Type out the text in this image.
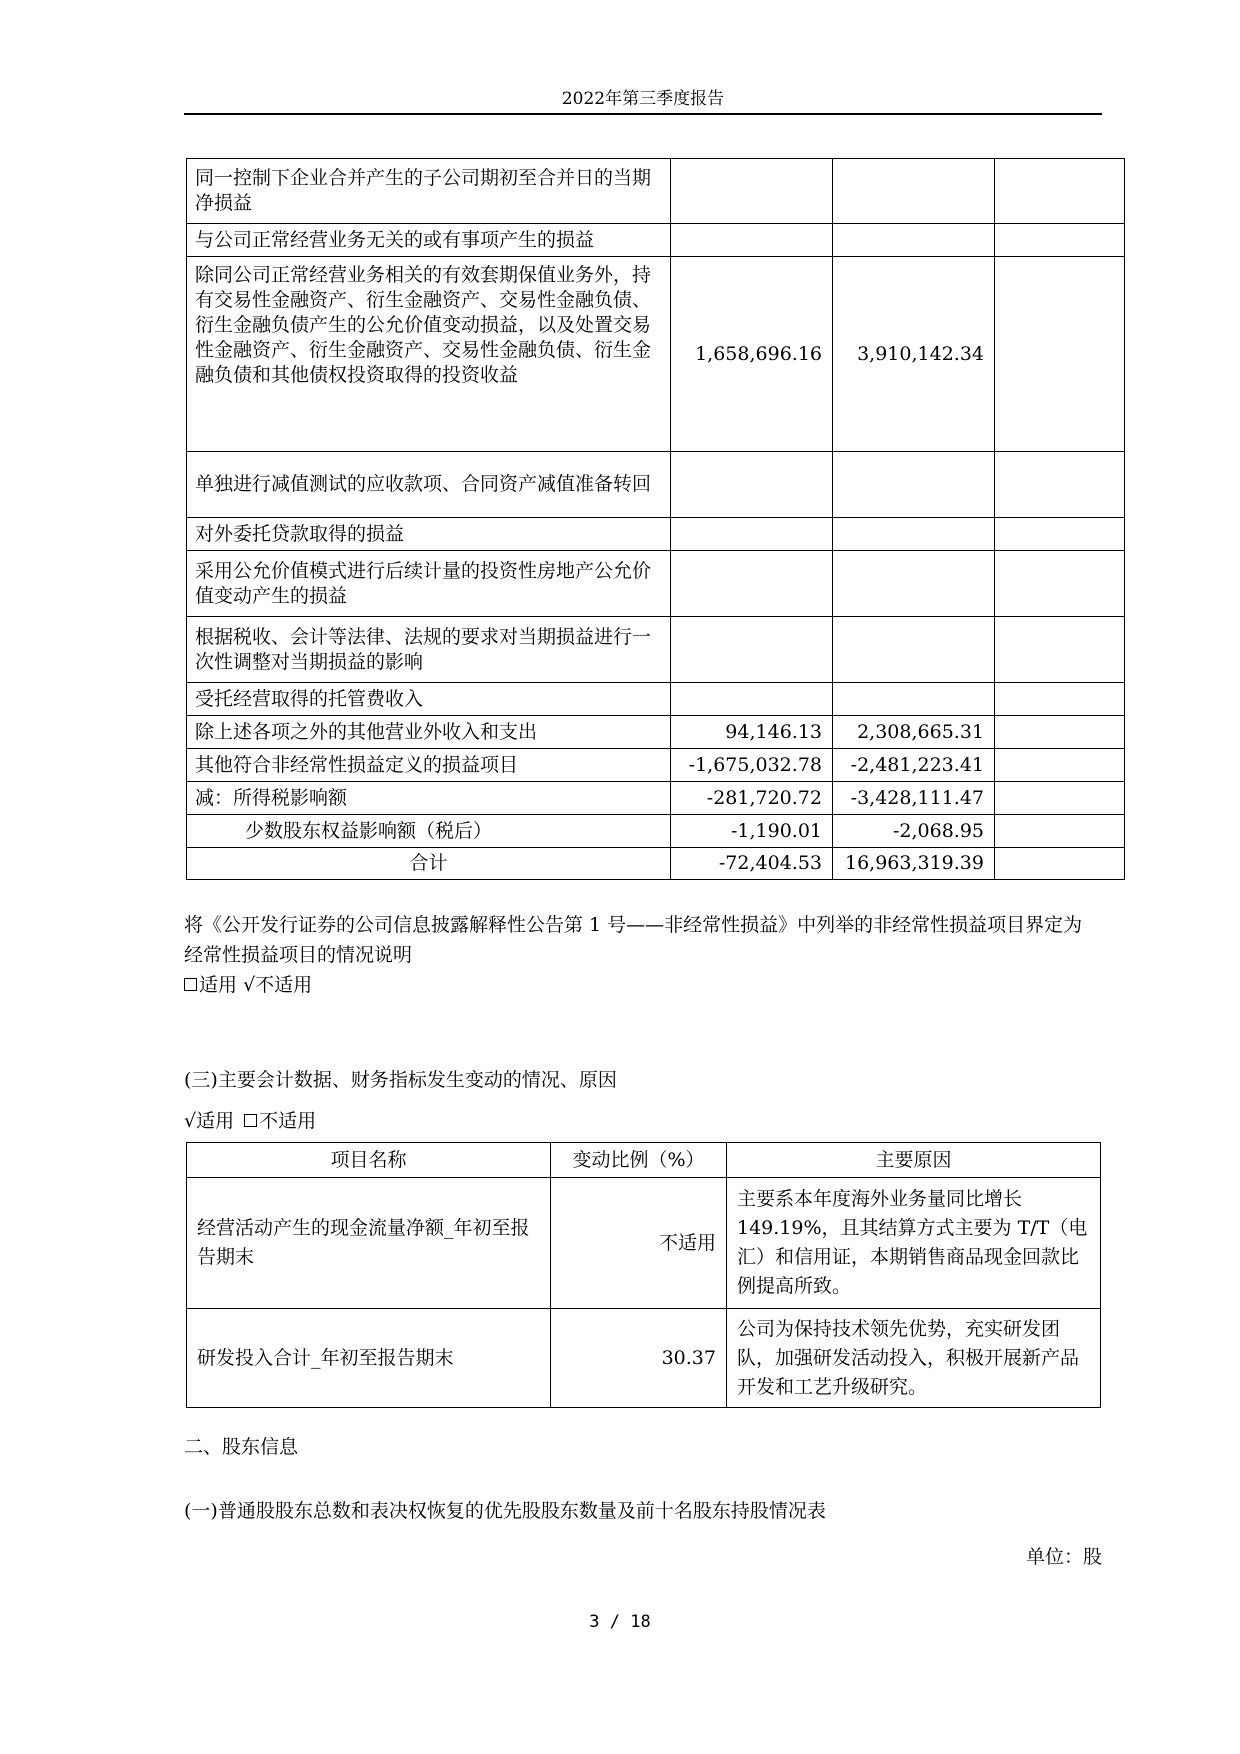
2022年第三季度报告
同一控制下企业合并产生的子公司期初至合并日的当期净损益			
与公司正常经营业务无关的或有事项产生的损益			
除同公司正常经营业务相关的有效套期保值业务外，持有交易性金融资产、衍生金融资产、交易性金融负债、衍生金融负债产生的公允价值变动损益，以及处置交易性金融资产、衍生金融资产、交易性金融负债、衍生金融负债和其他债权投资取得的投资收益	1,658,696.16	3,910,142.34	
单独进行减值测试的应收款项、合同资产减值准备转回			
对外委托贷款取得的损益			
采用公允价值模式进行后续计量的投资性房地产公允价值变动产生的损益			
根据税收、会计等法律、法规的要求对当期损益进行一次性调整对当期损益的影响			
受托经营取得的托管费收入			
除上述各项之外的其他营业外收入和支出	94,146.13	2,308,665.31	
其他符合非经常性损益定义的损益项目	-1,675,032.78	-2,481,223.41	
减：所得税影响额	-281,720.72	-3,428,111.47	
少数股东权益影响额（税后）	-1,190.01	-2,068.95	
合计	-72,404.53	16,963,319.39	
将《公开发行证券的公司信息披露解释性公告第 1 号——非经常性损益》中列举的非经常性损益项目界定为经常性损益项目的情况说明
适用 √不适用
(三)主要会计数据、财务指标发生变动的情况、原因
√适用 不适用
项目名称	变动比例（%）	主要原因
经营活动产生的现金流量净额_年初至报告期末	不适用	主要系本年度海外业务量同比增长149.19%，且其结算方式主要为 T/T（电汇）和信用证，本期销售商品现金回款比例提高所致。
研发投入合计_年初至报告期末	30.37	公司为保持技术领先优势，充实研发团队，加强研发活动投入，积极开展新产品开发和工艺升级研究。
二、股东信息
(一)普通股股东总数和表决权恢复的优先股股东数量及前十名股东持股情况表
单位：股
3 / 18
